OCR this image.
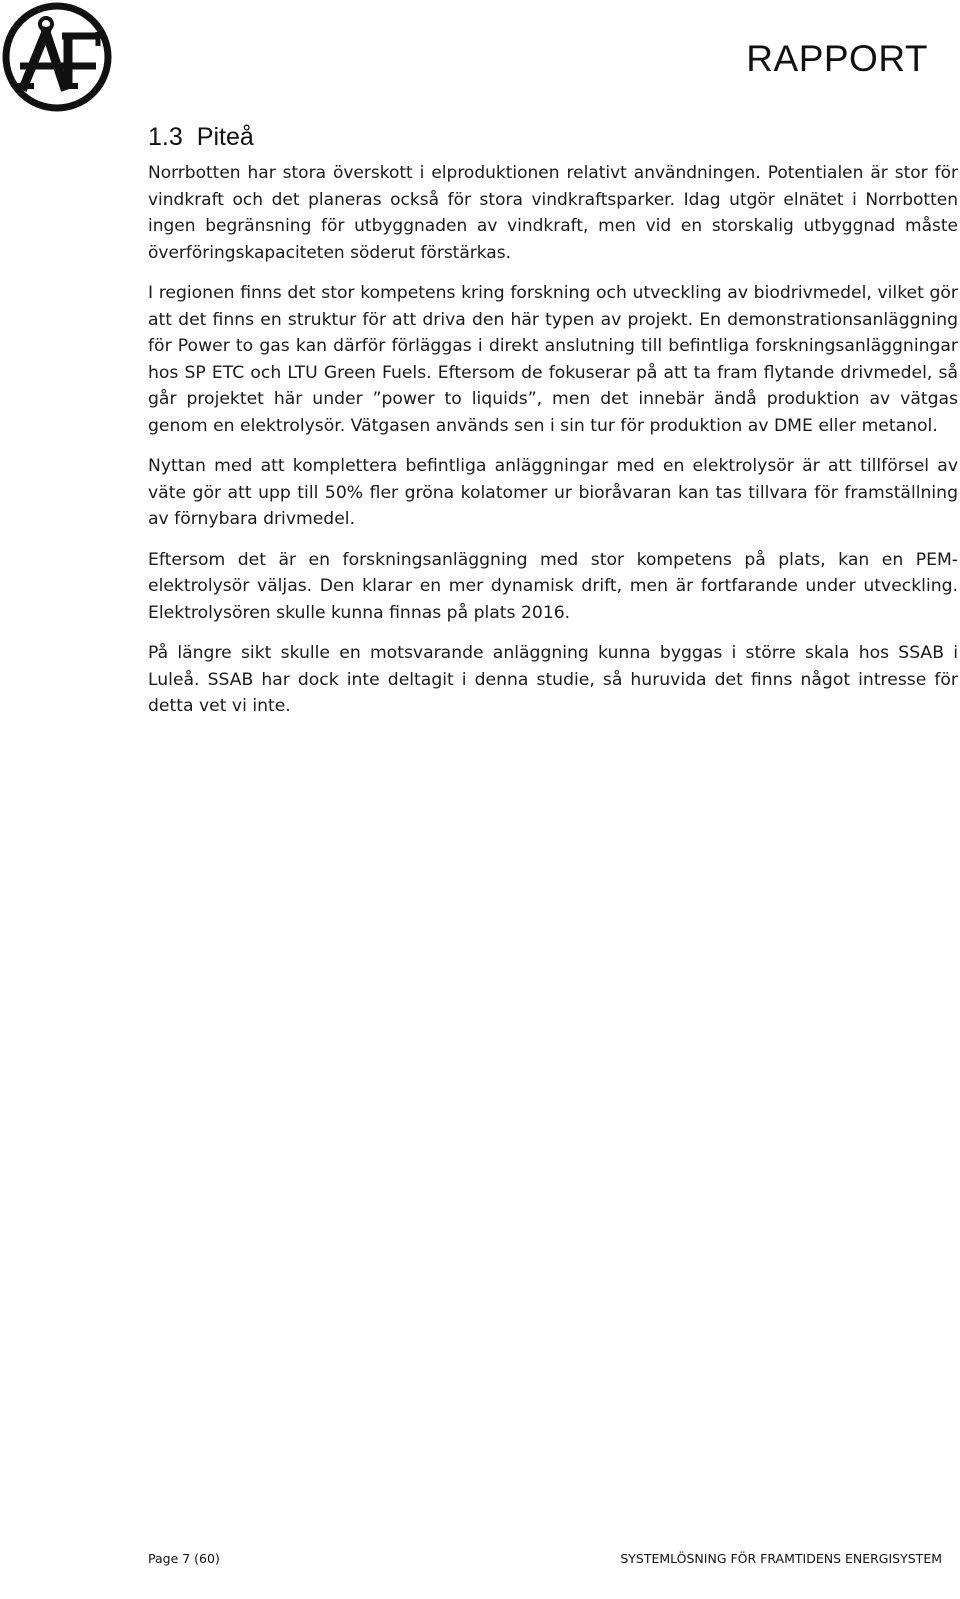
RAPPORT
1.3 Piteå

Norrbotten har stora överskott i elproduktionen relativt användningen. Potentialen är stor för vindkraft och det planeras också för stora vindkraftsparker. Idag utgör elnätet i Norrbotten ingen begränsning för utbyggnaden av vindkraft, men vid en storskalig utbyggnad måste överföringskapaciteten söderut förstärkas.

I regionen finns det stor kompetens kring forskning och utveckling av biodrivmedel, vilket gör att det finns en struktur för att driva den här typen av projekt. En demonstrationsanläggning för Power to gas kan därför förläggas i direkt anslutning till befintliga forskningsanläggningar hos SP ETC och LTU Green Fuels. Eftersom de fokuserar på att ta fram flytande drivmedel, så går projektet här under ”power to liquids”, men det innebär ändå produktion av vätgas genom en elektrolysör. Vätgasen används sen i sin tur för produktion av DME eller metanol.

Nyttan med att komplettera befintliga anläggningar med en elektrolysör är att tillförsel av väte gör att upp till 50% fler gröna kolatomer ur bioråvaran kan tas tillvara för framställning av förnybara drivmedel.

Eftersom det är en forskningsanläggning med stor kompetens på plats, kan en PEM-elektrolysör väljas. Den klarar en mer dynamisk drift, men är fortfarande under utveckling. Elektrolysören skulle kunna finnas på plats 2016.

På längre sikt skulle en motsvarande anläggning kunna byggas i större skala hos SSAB i Luleå. SSAB har dock inte deltagit i denna studie, så huruvida det finns något intresse för detta vet vi inte.

Page 7 (60)	SYSTEMLÖSNING FÖR FRAMTIDENS ENERGISYSTEM
